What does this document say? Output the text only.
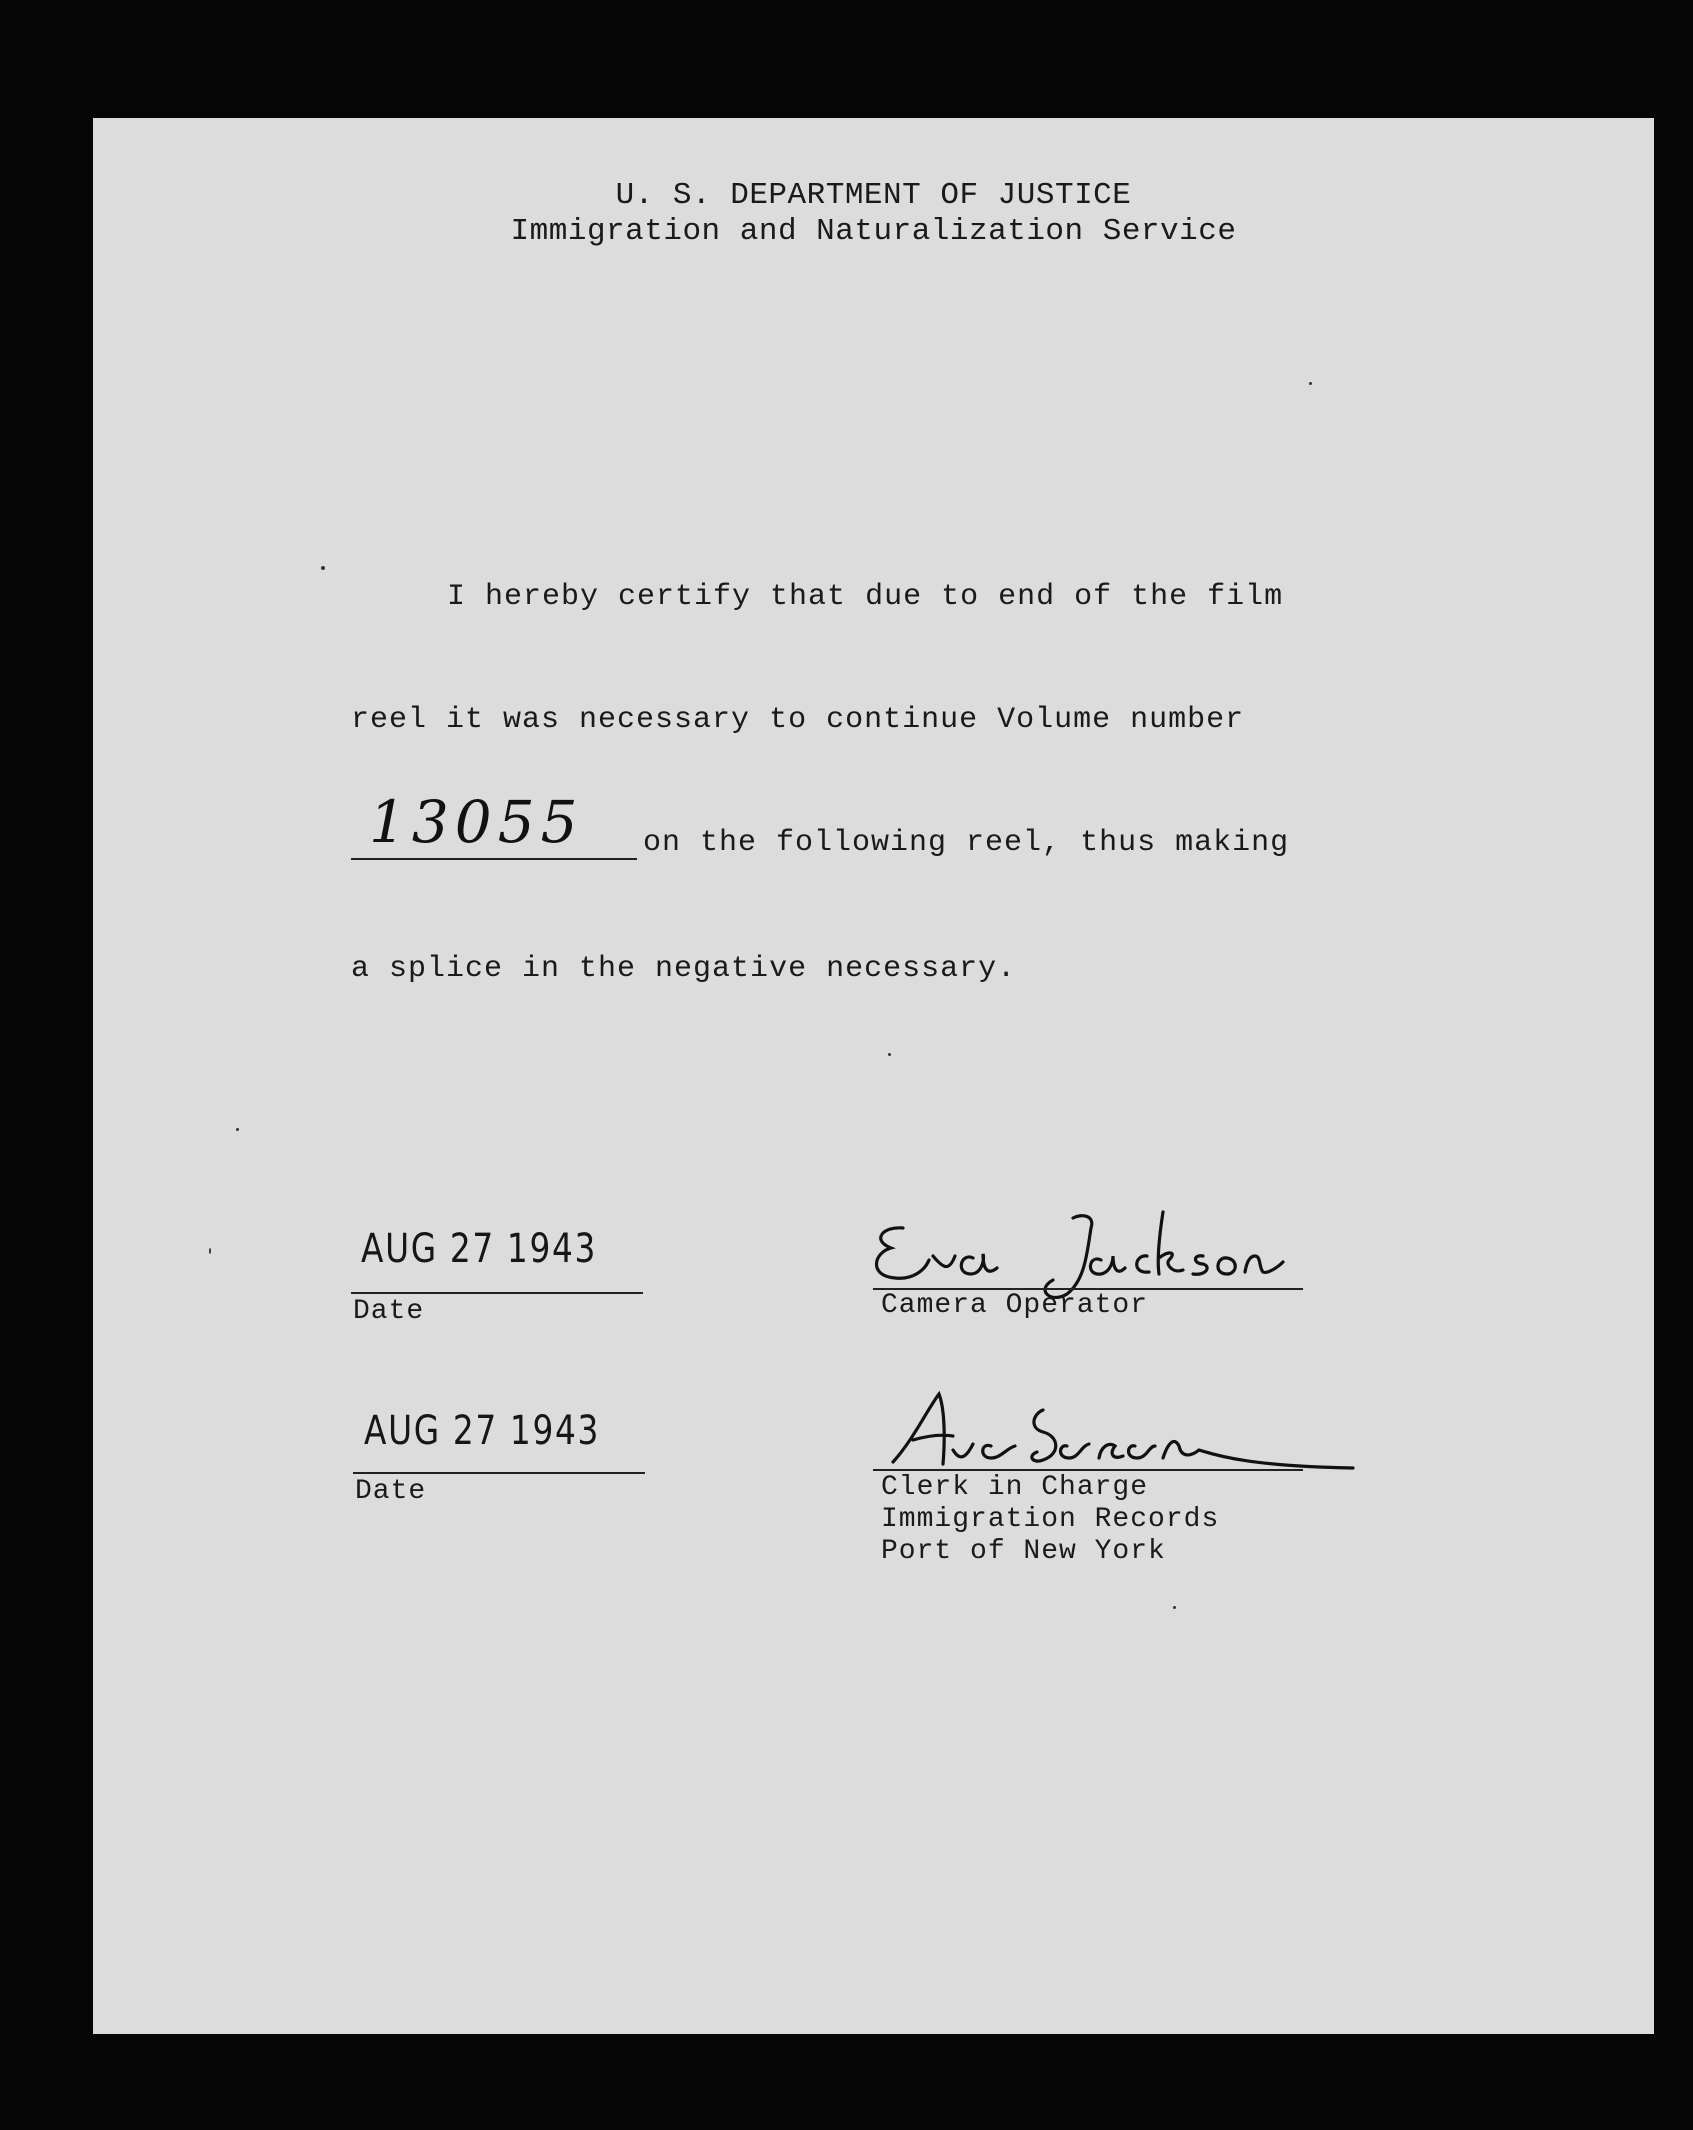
U. S. DEPARTMENT OF JUSTICE
Immigration and Naturalization Service
I hereby certify that due to end of the film
reel it was necessary to continue Volume number
13055 on the following reel, thus making
a splice in the negative necessary.
AUG 27 1943
Date	Camera Operator
AUG 27 1943
Date	Clerk in Charge
Immigration Records
Port of New York
